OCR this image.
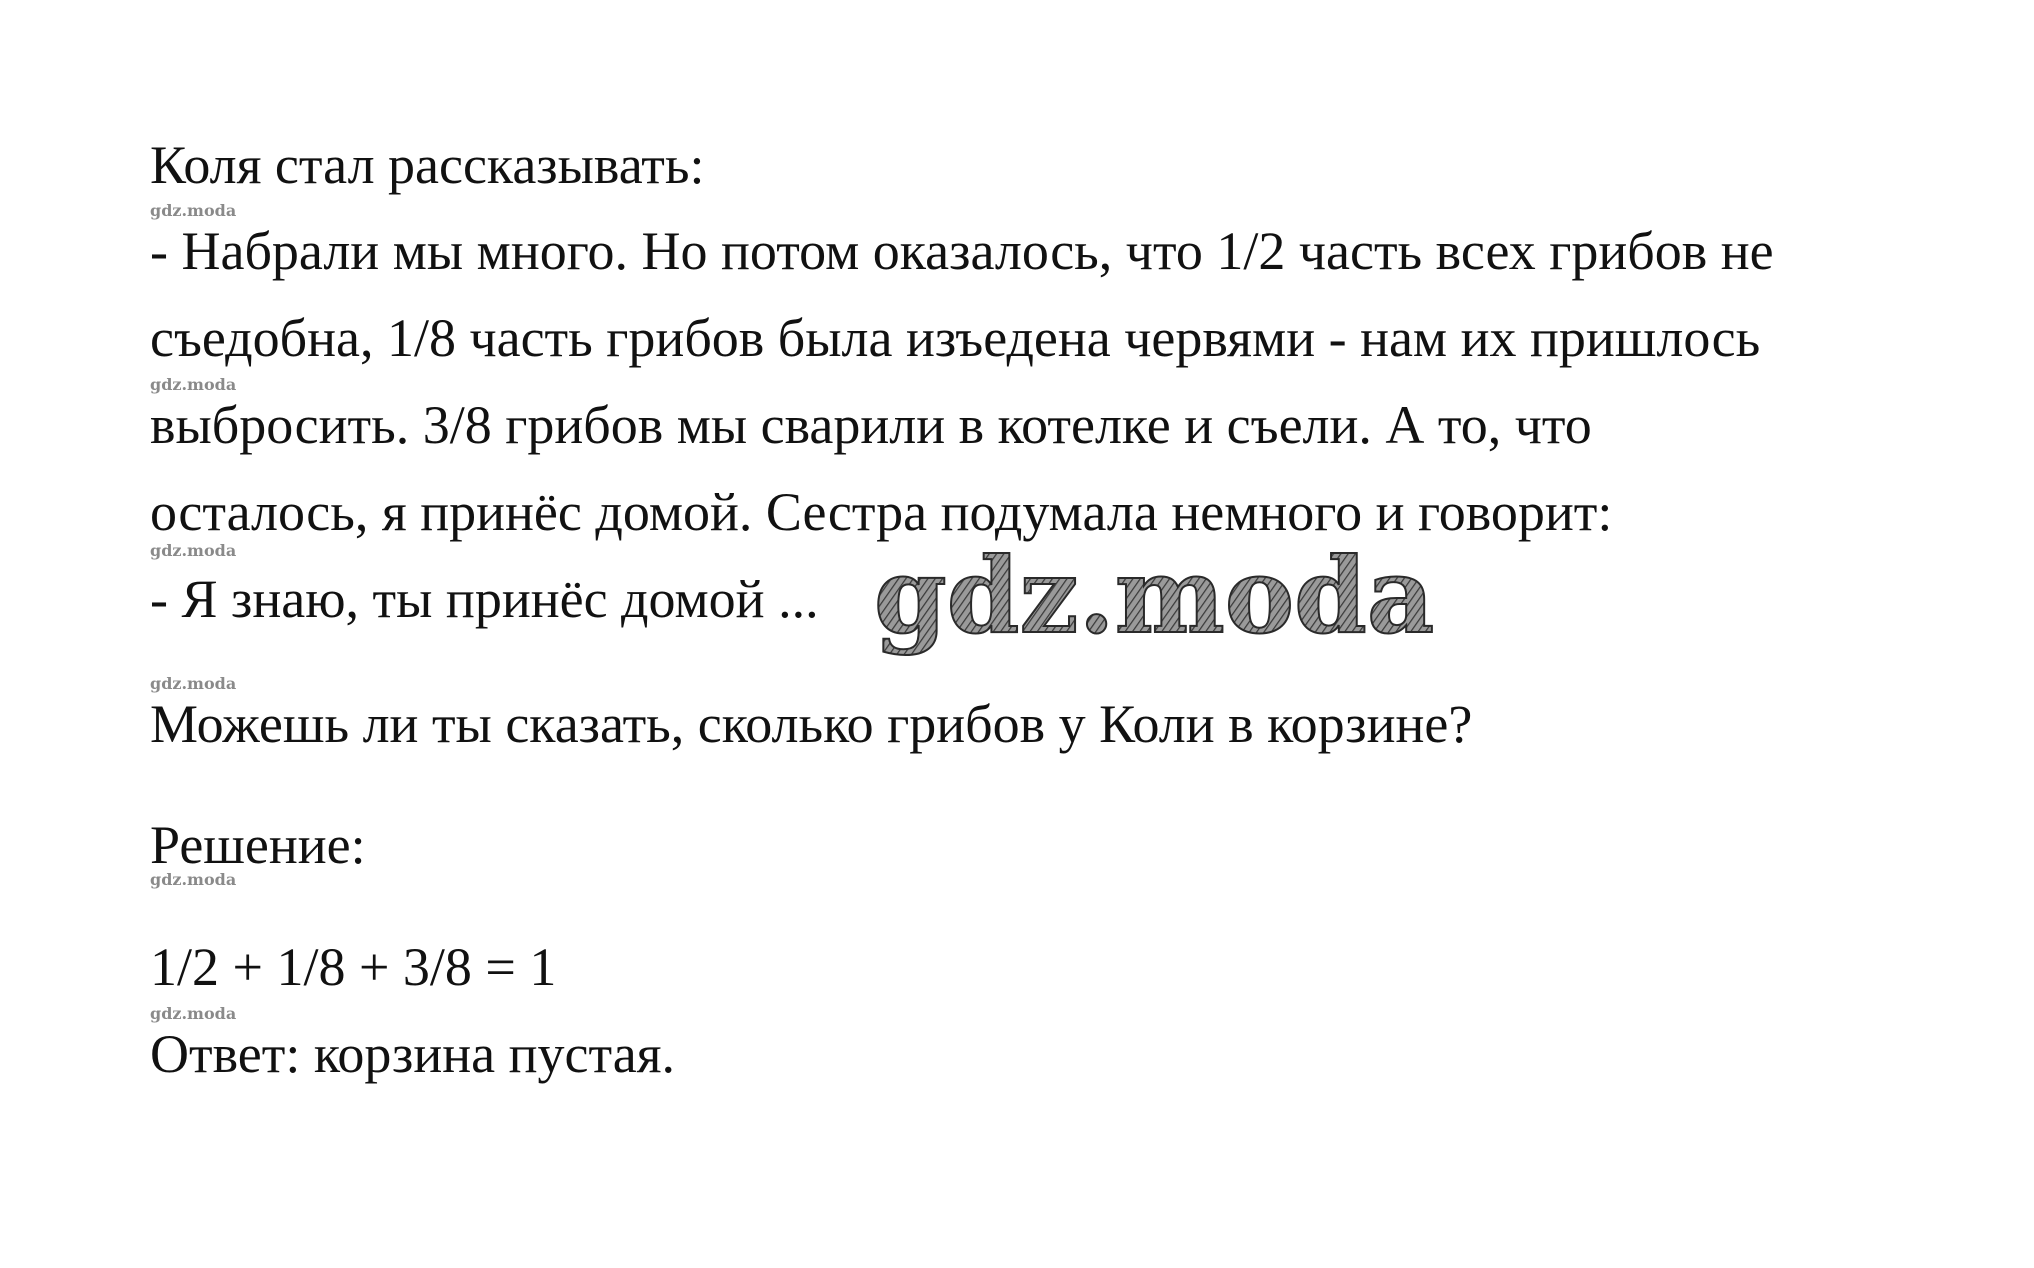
Коля стал рассказывать:
gdz.moda
- Набрали мы много. Но потом оказалось, что 1/2 часть всех грибов не
съедобна, 1/8 часть грибов была изъедена червями - нам их пришлось
gdz.moda
выбросить. 3/8 грибов мы сварили в котелке и съели. А то, что
осталось, я принёс домой. Сестра подумала немного и говорит:
gdz.moda
- Я знаю, ты принёс домой ... gdz.moda
gdz.moda
Можешь ли ты сказать, сколько грибов у Коли в корзине?
Решение:
gdz.moda
1/2 + 1/8 + 3/8 = 1
gdz.moda
Ответ: корзина пустая.
